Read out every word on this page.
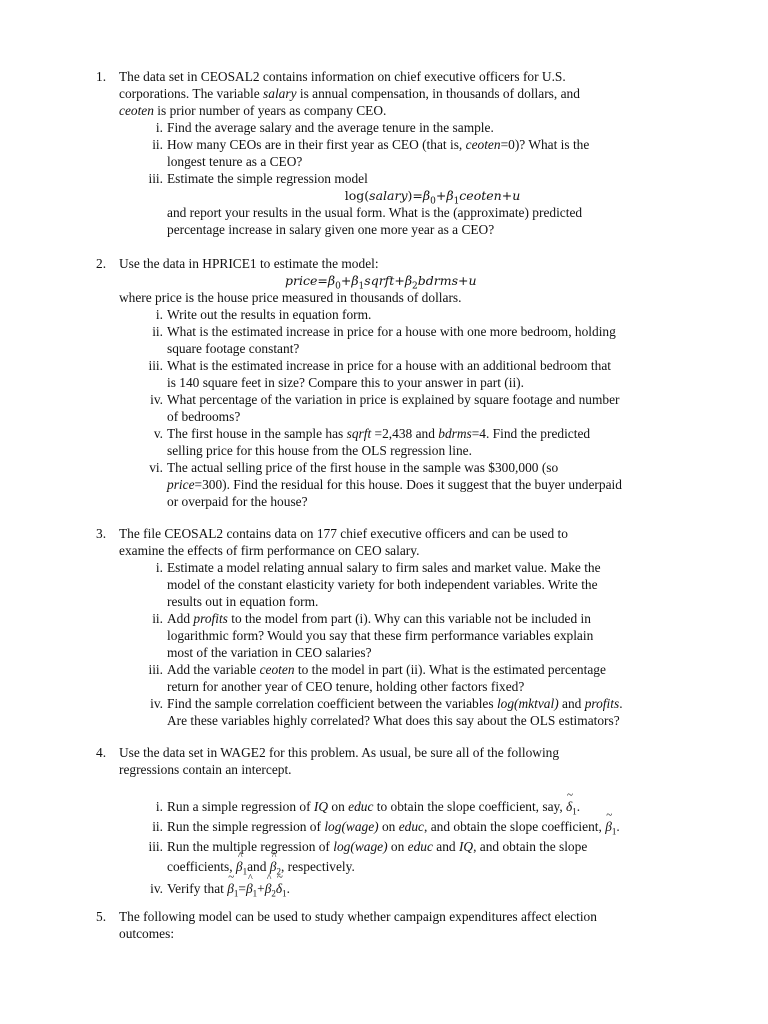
1. The data set in CEOSAL2 contains information on chief executive officers for U.S.
corporations. The variable salary is annual compensation, in thousands of dollars, and
ceoten is prior number of years as company CEO.
i. Find the average salary and the average tenure in the sample.
ii. How many CEOs are in their first year as CEO (that is, ceoten=0)? What is the
longest tenure as a CEO?
iii. Estimate the simple regression model
$\log(salary)=\beta_0+\beta_1ceoten+u$
and report your results in the usual form. What is the (approximate) predicted
percentage increase in salary given one more year as a CEO?
2. Use the data in HPRICE1 to estimate the model:
$price=\beta_0+\beta_1sqrft+\beta_2bdrms+u$
where price is the house price measured in thousands of dollars.
i. Write out the results in equation form.
ii. What is the estimated increase in price for a house with one more bedroom, holding
square footage constant?
iii. What is the estimated increase in price for a house with an additional bedroom that
is 140 square feet in size? Compare this to your answer in part (ii).
iv. What percentage of the variation in price is explained by square footage and number
of bedrooms?
v. The first house in the sample has sqrft =2,438 and bdrms=4. Find the predicted
selling price for this house from the OLS regression line.
vi. The actual selling price of the first house in the sample was $300,000 (so
price=300). Find the residual for this house. Does it suggest that the buyer underpaid
or overpaid for the house?
3. The file CEOSAL2 contains data on 177 chief executive officers and can be used to
examine the effects of firm performance on CEO salary.
i. Estimate a model relating annual salary to firm sales and market value. Make the
model of the constant elasticity variety for both independent variables. Write the
results out in equation form.
ii. Add profits to the model from part (i). Why can this variable not be included in
logarithmic form? Would you say that these firm performance variables explain
most of the variation in CEO salaries?
iii. Add the variable ceoten to the model in part (ii). What is the estimated percentage
return for another year of CEO tenure, holding other factors fixed?
iv. Find the sample correlation coefficient between the variables log(mktval) and profits.
Are these variables highly correlated? What does this say about the OLS estimators?
4. Use the data set in WAGE2 for this problem. As usual, be sure all of the following
regressions contain an intercept.
i. Run a simple regression of IQ on educ to obtain the slope coefficient, say, ~ $\delta_1$.
ii. Run the simple regression of log(wage) on educ, and obtain the slope coefficient, ~ $\beta_1$.
iii. Run the multiple regression of log(wage) on educ and IQ, and obtain the slope
coefficients, ^ $\beta_1and$ ^ $\beta_2$, respectively.
iv. Verify that ~ $\beta_1=\^{}$ $\beta_1+\^{}$ $\beta_2\sim$ $\delta_1$.
5. The following model can be used to study whether campaign expenditures affect election
outcomes:
